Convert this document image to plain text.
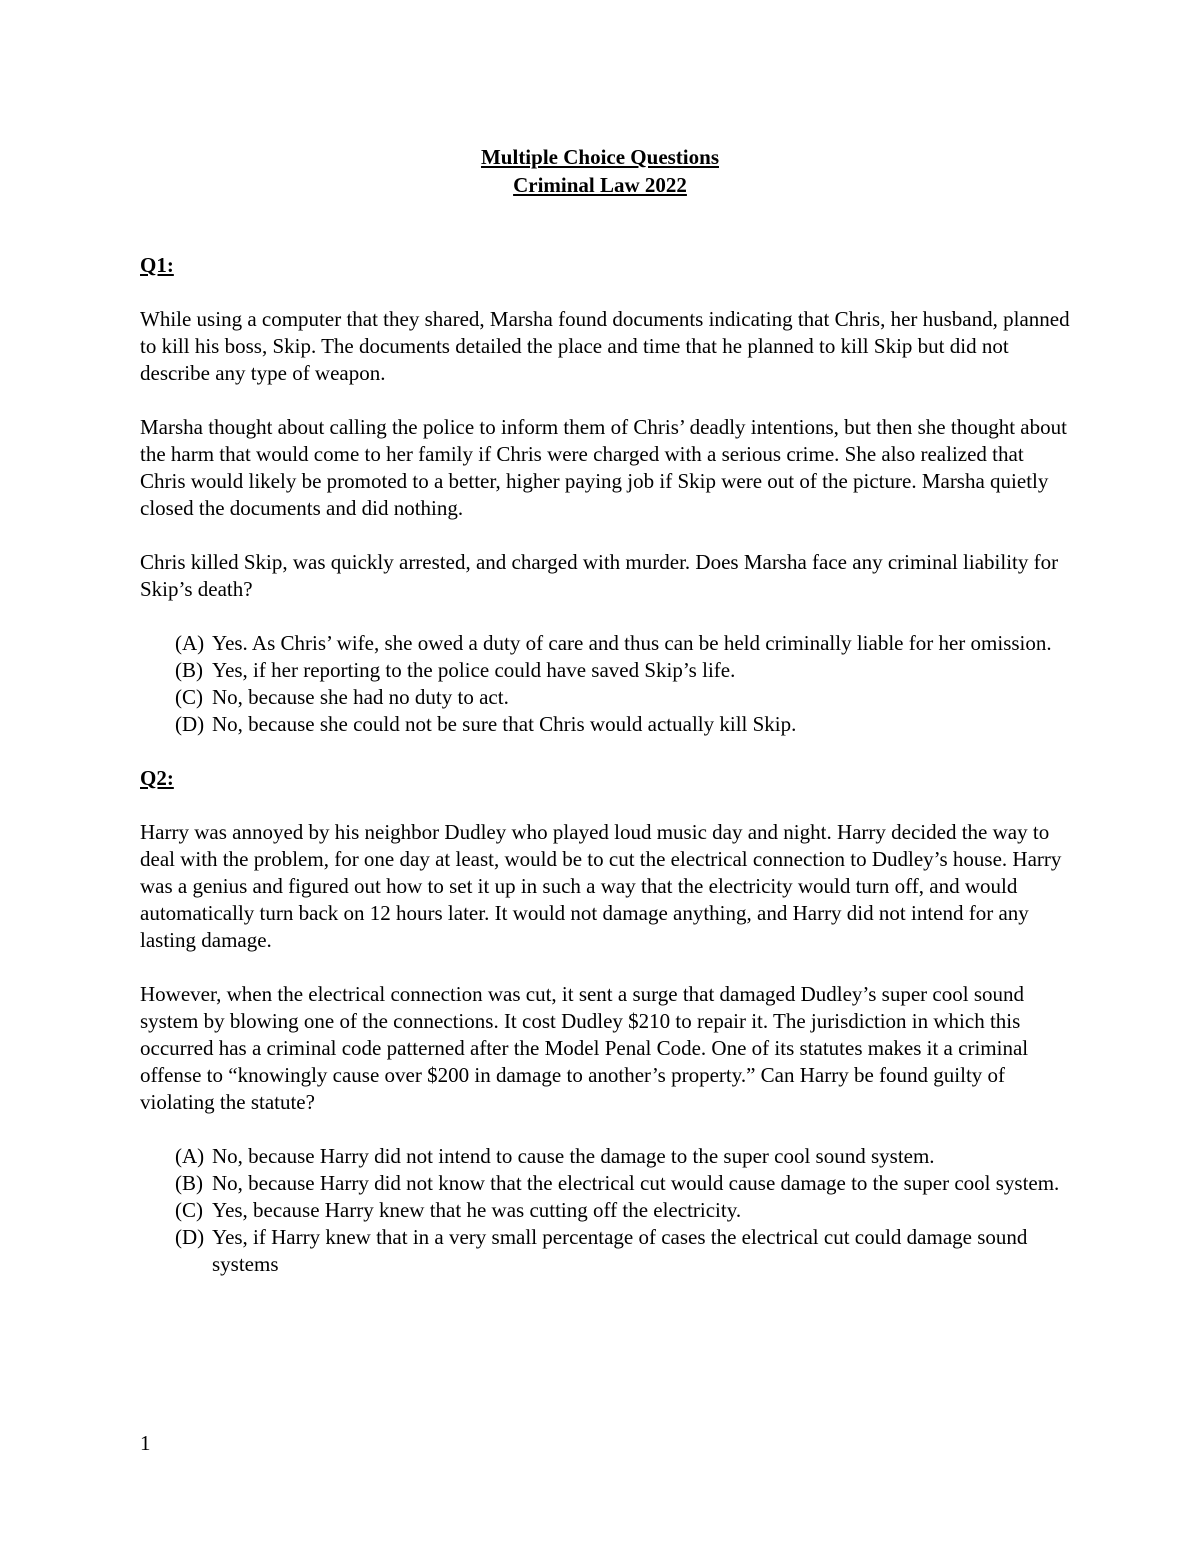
Multiple Choice Questions
Criminal Law 2022
Q1:

While using a computer that they shared, Marsha found documents indicating that Chris, her husband, planned to kill his boss, Skip. The documents detailed the place and time that he planned to kill Skip but did not describe any type of weapon.

Marsha thought about calling the police to inform them of Chris’ deadly intentions, but then she thought about the harm that would come to her family if Chris were charged with a serious crime. She also realized that Chris would likely be promoted to a better, higher paying job if Skip were out of the picture. Marsha quietly closed the documents and did nothing.

Chris killed Skip, was quickly arrested, and charged with murder. Does Marsha face any criminal liability for Skip’s death?

(A) Yes. As Chris’ wife, she owed a duty of care and thus can be held criminally liable for her omission.
(B) Yes, if her reporting to the police could have saved Skip’s life.
(C) No, because she had no duty to act.
(D) No, because she could not be sure that Chris would actually kill Skip.
Q2:

Harry was annoyed by his neighbor Dudley who played loud music day and night. Harry decided the way to deal with the problem, for one day at least, would be to cut the electrical connection to Dudley’s house. Harry was a genius and figured out how to set it up in such a way that the electricity would turn off, and would automatically turn back on 12 hours later. It would not damage anything, and Harry did not intend for any lasting damage.

However, when the electrical connection was cut, it sent a surge that damaged Dudley’s super cool sound system by blowing one of the connections. It cost Dudley $210 to repair it. The jurisdiction in which this occurred has a criminal code patterned after the Model Penal Code. One of its statutes makes it a criminal offense to “knowingly cause over $200 in damage to another’s property.” Can Harry be found guilty of violating the statute?

(A) No, because Harry did not intend to cause the damage to the super cool sound system.
(B) No, because Harry did not know that the electrical cut would cause damage to the super cool system.
(C) Yes, because Harry knew that he was cutting off the electricity.
(D) Yes, if Harry knew that in a very small percentage of cases the electrical cut could damage sound systems
1
